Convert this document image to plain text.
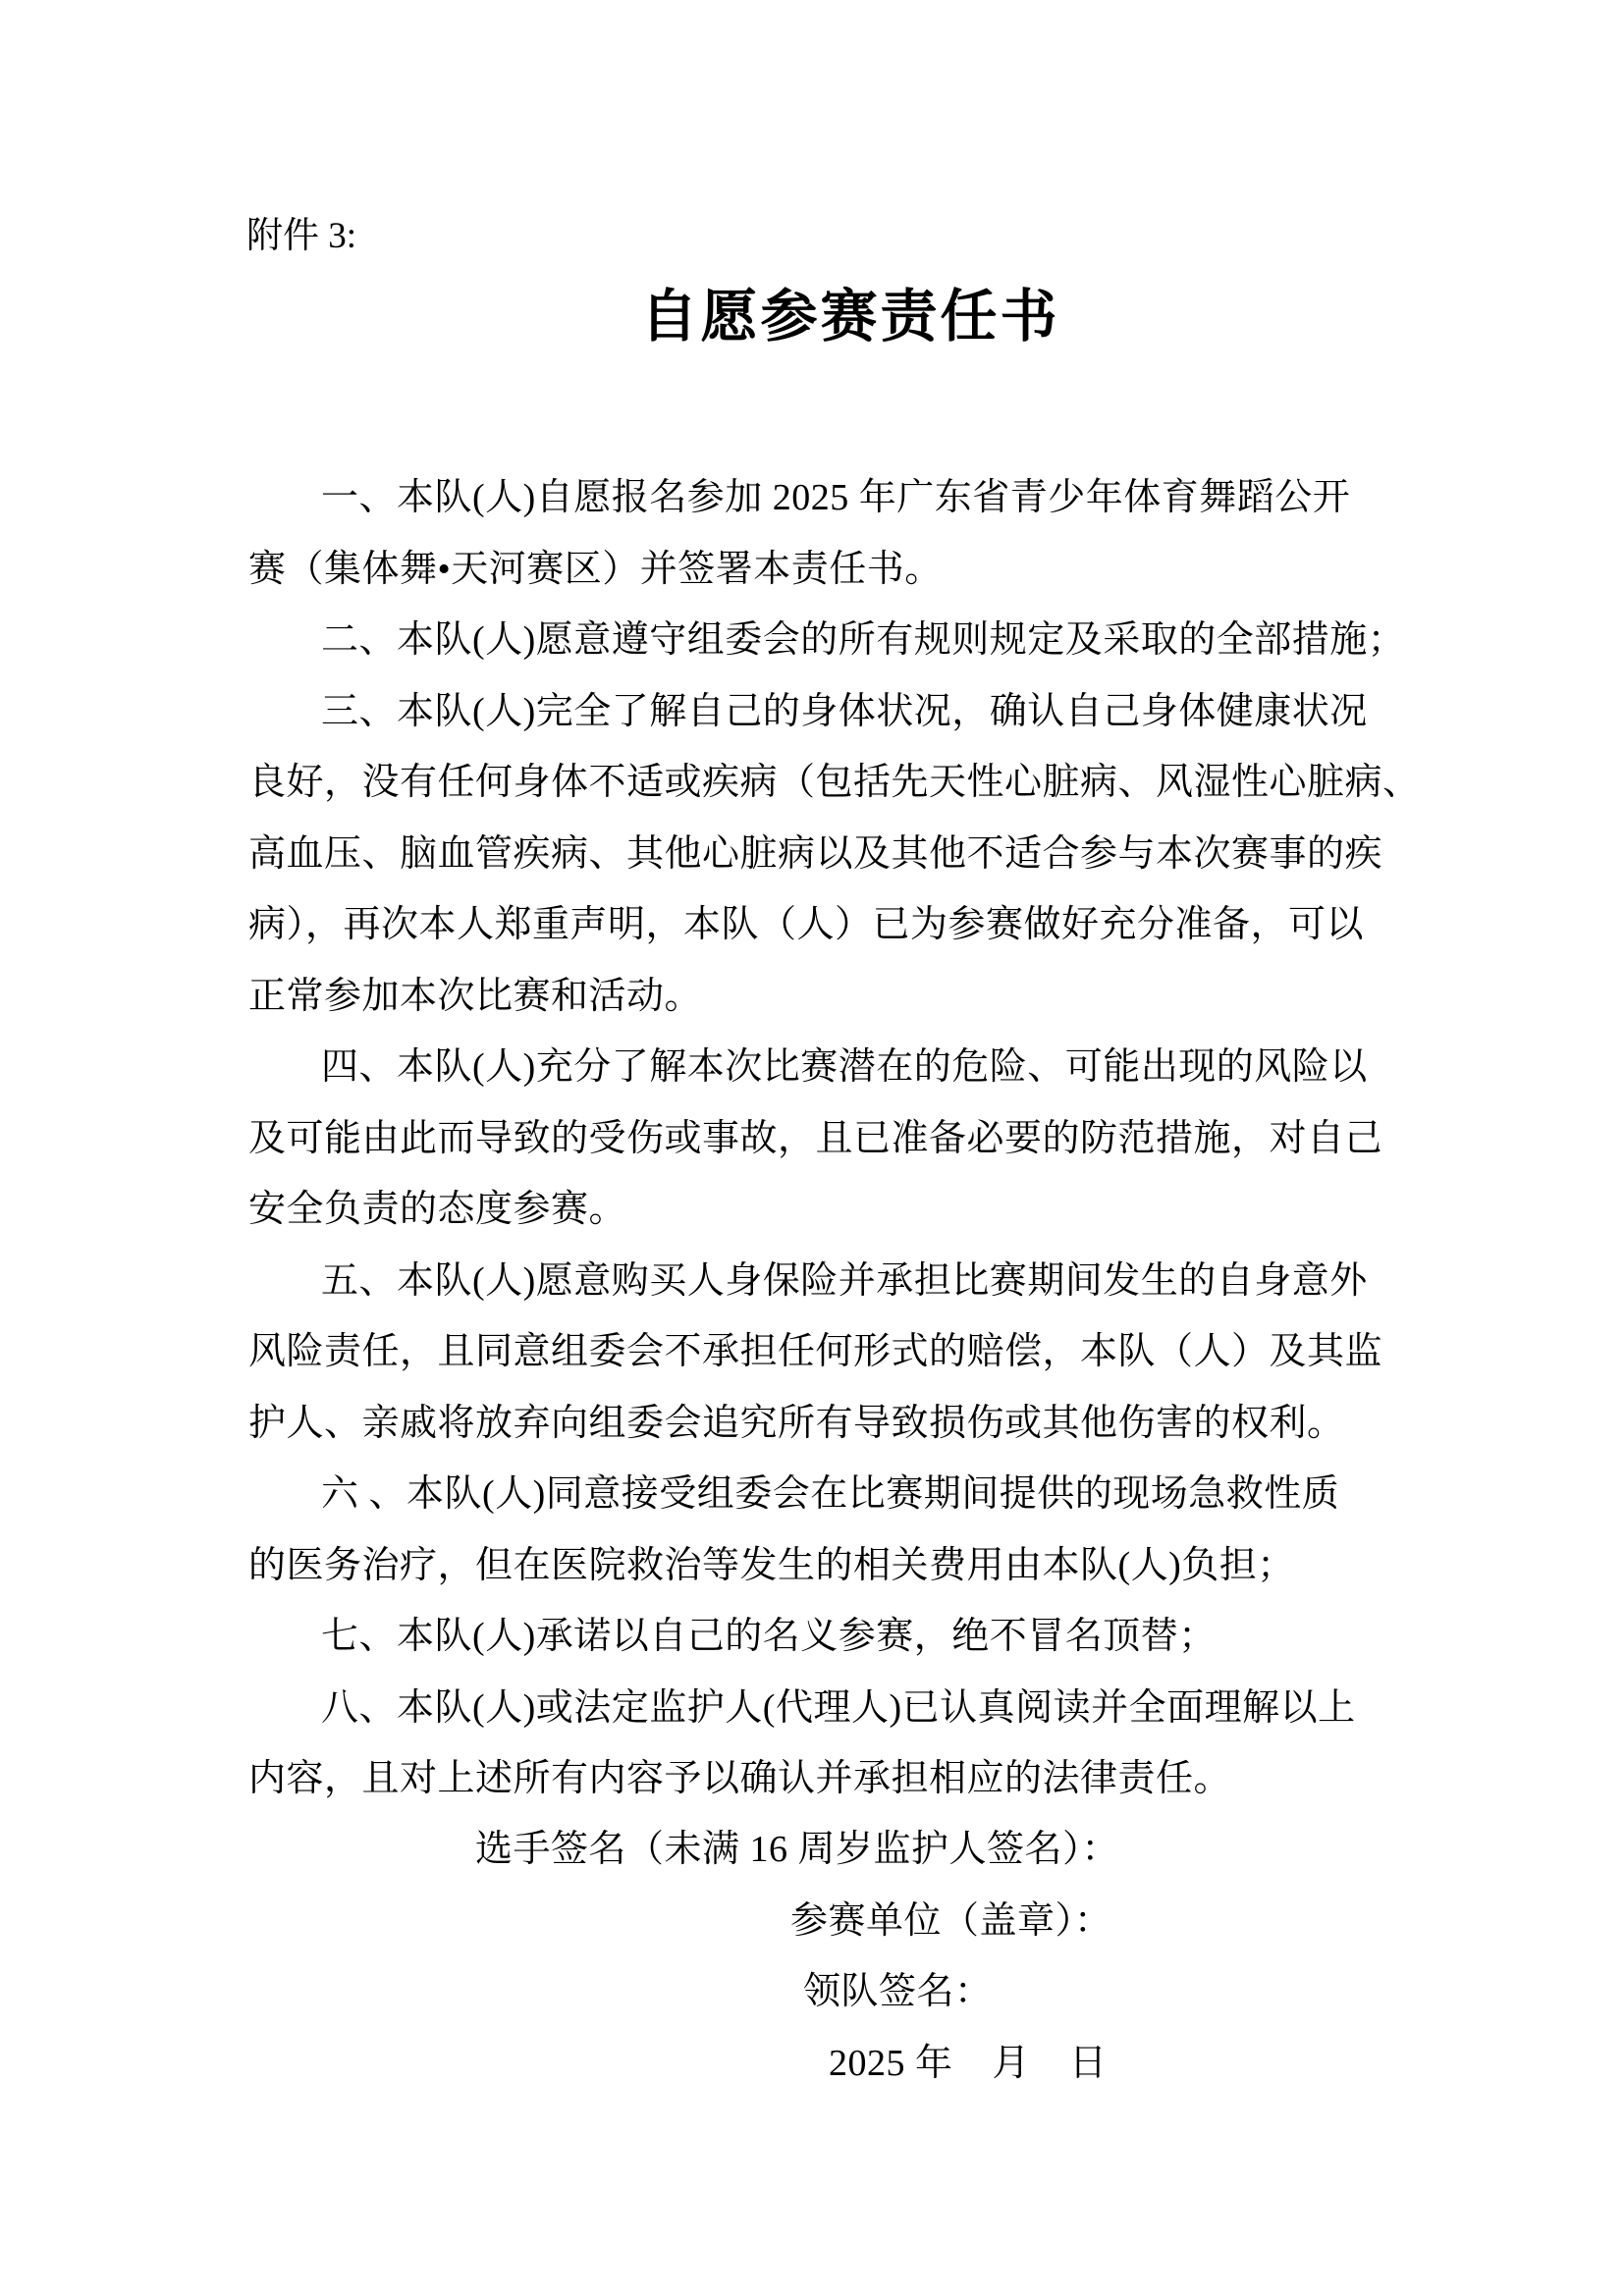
附件 3:
自愿参赛责任书
一、本队(人)自愿报名参加 2025 年广东省青少年体育舞蹈公开
赛（集体舞•天河赛区）并签署本责任书。
二、本队(人)愿意遵守组委会的所有规则规定及采取的全部措施；
三、本队(人)完全了解自己的身体状况，确认自己身体健康状况
良好，没有任何身体不适或疾病（包括先天性心脏病、风湿性心脏病、
高血压、脑血管疾病、其他心脏病以及其他不适合参与本次赛事的疾
病），再次本人郑重声明，本队（人）已为参赛做好充分准备，可以
正常参加本次比赛和活动。
四、本队(人)充分了解本次比赛潜在的危险、可能出现的风险以
及可能由此而导致的受伤或事故，且已准备必要的防范措施，对自己
安全负责的态度参赛。
五、本队(人)愿意购买人身保险并承担比赛期间发生的自身意外
风险责任，且同意组委会不承担任何形式的赔偿，本队（人）及其监
护人、亲戚将放弃向组委会追究所有导致损伤或其他伤害的权利。
六 、本队(人)同意接受组委会在比赛期间提供的现场急救性质
的医务治疗，但在医院救治等发生的相关费用由本队(人)负担；
七、本队(人)承诺以自己的名义参赛，绝不冒名顶替；
八、本队(人)或法定监护人(代理人)已认真阅读并全面理解以上
内容，且对上述所有内容予以确认并承担相应的法律责任。
选手签名（未满 16 周岁监护人签名）：
参赛单位（盖章）：
领队签名：
2025 年    月    日
